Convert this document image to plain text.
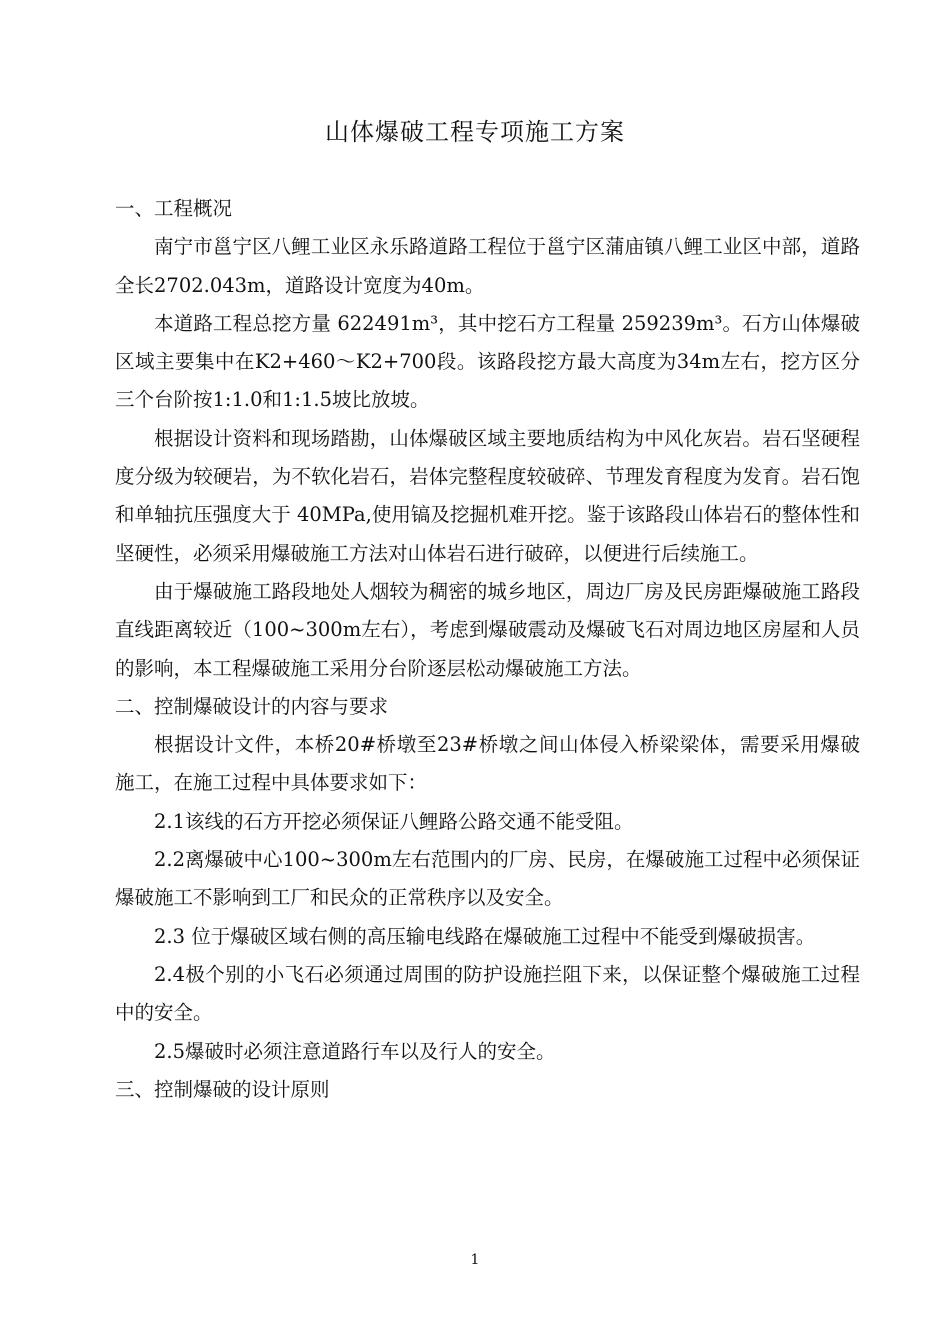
山体爆破工程专项施工方案

一、工程概况

南宁市邕宁区八鲤工业区永乐路道路工程位于邕宁区蒲庙镇八鲤工业区中部，道路全长2702.043m，道路设计宽度为40m。

本道路工程总挖方量 622491m³，其中挖石方工程量 259239m³。石方山体爆破区域主要集中在K2+460～K2+700段。该路段挖方最大高度为34m左右，挖方区分三个台阶按1:1.0和1:1.5坡比放坡。

根据设计资料和现场踏勘，山体爆破区域主要地质结构为中风化灰岩。岩石坚硬程度分级为较硬岩，为不软化岩石，岩体完整程度较破碎、节理发育程度为发育。岩石饱和单轴抗压强度大于 40MPa,使用镐及挖掘机难开挖。鉴于该路段山体岩石的整体性和坚硬性，必须采用爆破施工方法对山体岩石进行破碎，以便进行后续施工。

由于爆破施工路段地处人烟较为稠密的城乡地区，周边厂房及民房距爆破施工路段直线距离较近（100~300m左右），考虑到爆破震动及爆破飞石对周边地区房屋和人员的影响，本工程爆破施工采用分台阶逐层松动爆破施工方法。

二、控制爆破设计的内容与要求

根据设计文件，本桥20#桥墩至23#桥墩之间山体侵入桥梁梁体，需要采用爆破施工，在施工过程中具体要求如下：

2.1该线的石方开挖必须保证八鲤路公路交通不能受阻。

2.2离爆破中心100~300m左右范围内的厂房、民房，在爆破施工过程中必须保证爆破施工不影响到工厂和民众的正常秩序以及安全。

2.3 位于爆破区域右侧的高压输电线路在爆破施工过程中不能受到爆破损害。

2.4极个别的小飞石必须通过周围的防护设施拦阻下来，以保证整个爆破施工过程中的安全。

2.5爆破时必须注意道路行车以及行人的安全。

三、控制爆破的设计原则

1
